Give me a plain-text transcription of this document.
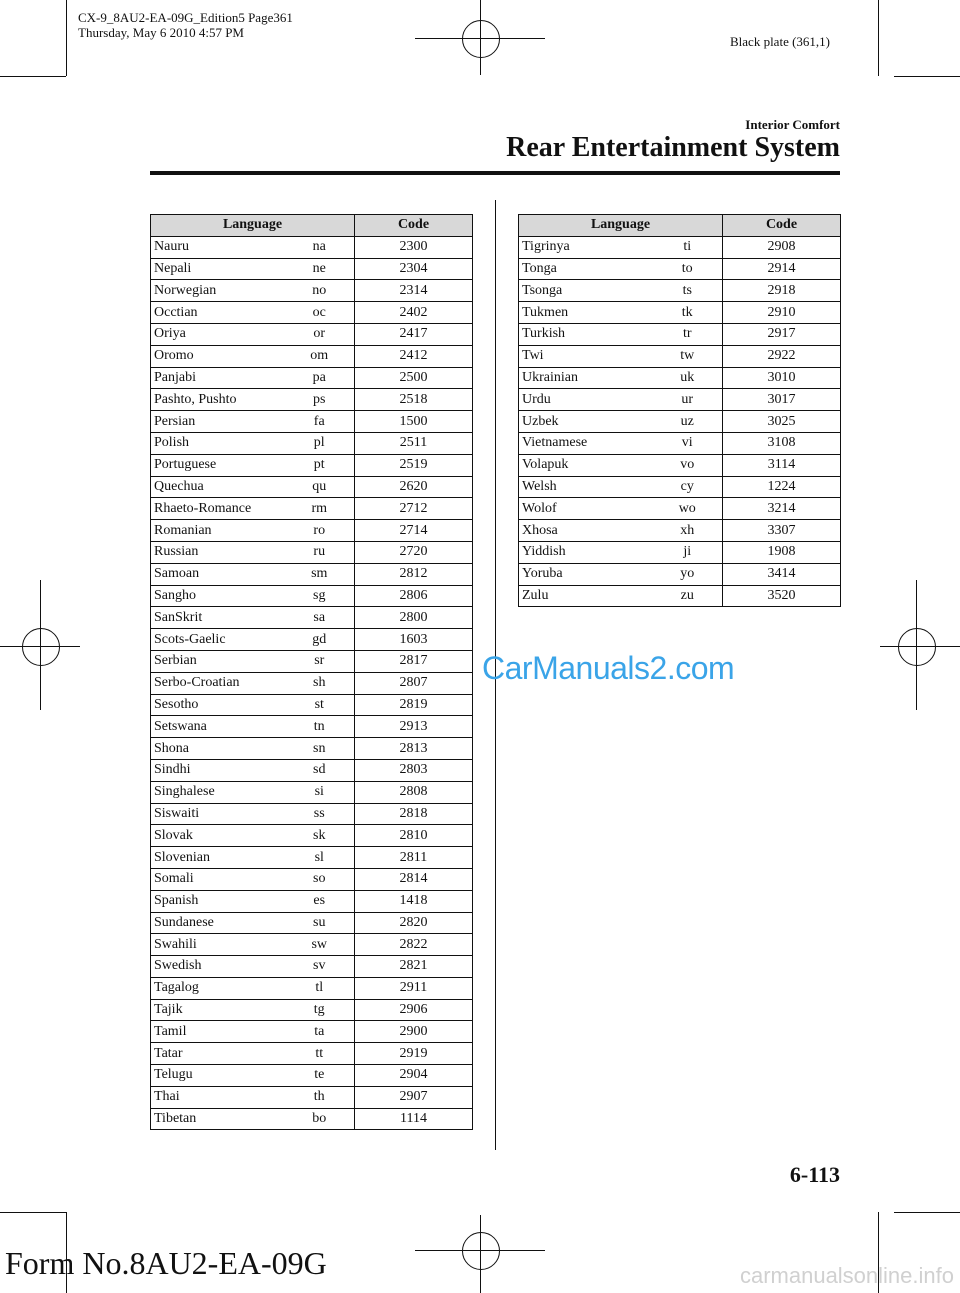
CX-9_8AU2-EA-09G_Edition5 Page361
Thursday, May 6 2010 4:57 PM
Black plate (361,1)
Interior Comfort
Rear Entertainment System
Language		Code
Nauru	na	2300
Nepali	ne	2304
Norwegian	no	2314
Occtian	oc	2402
Oriya	or	2417
Oromo	om	2412
Panjabi	pa	2500
Pashto, Pushto	ps	2518
Persian	fa	1500
Polish	pl	2511
Portuguese	pt	2519
Quechua	qu	2620
Rhaeto-Romance	rm	2712
Romanian	ro	2714
Russian	ru	2720
Samoan	sm	2812
Sangho	sg	2806
SanSkrit	sa	2800
Scots-Gaelic	gd	1603
Serbian	sr	2817
Serbo-Croatian	sh	2807
Sesotho	st	2819
Setswana	tn	2913
Shona	sn	2813
Sindhi	sd	2803
Singhalese	si	2808
Siswaiti	ss	2818
Slovak	sk	2810
Slovenian	sl	2811
Somali	so	2814
Spanish	es	1418
Sundanese	su	2820
Swahili	sw	2822
Swedish	sv	2821
Tagalog	tl	2911
Tajik	tg	2906
Tamil	ta	2900
Tatar	tt	2919
Telugu	te	2904
Thai	th	2907
Tibetan	bo	1114
Language		Code
Tigrinya	ti	2908
Tonga	to	2914
Tsonga	ts	2918
Tukmen	tk	2910
Turkish	tr	2917
Twi	tw	2922
Ukrainian	uk	3010
Urdu	ur	3017
Uzbek	uz	3025
Vietnamese	vi	3108
Volapuk	vo	3114
Welsh	cy	1224
Wolof	wo	3214
Xhosa	xh	3307
Yiddish	ji	1908
Yoruba	yo	3414
Zulu	zu	3520
CarManuals2.com
6-113
Form No.8AU2-EA-09G	carmanualsonline.info
